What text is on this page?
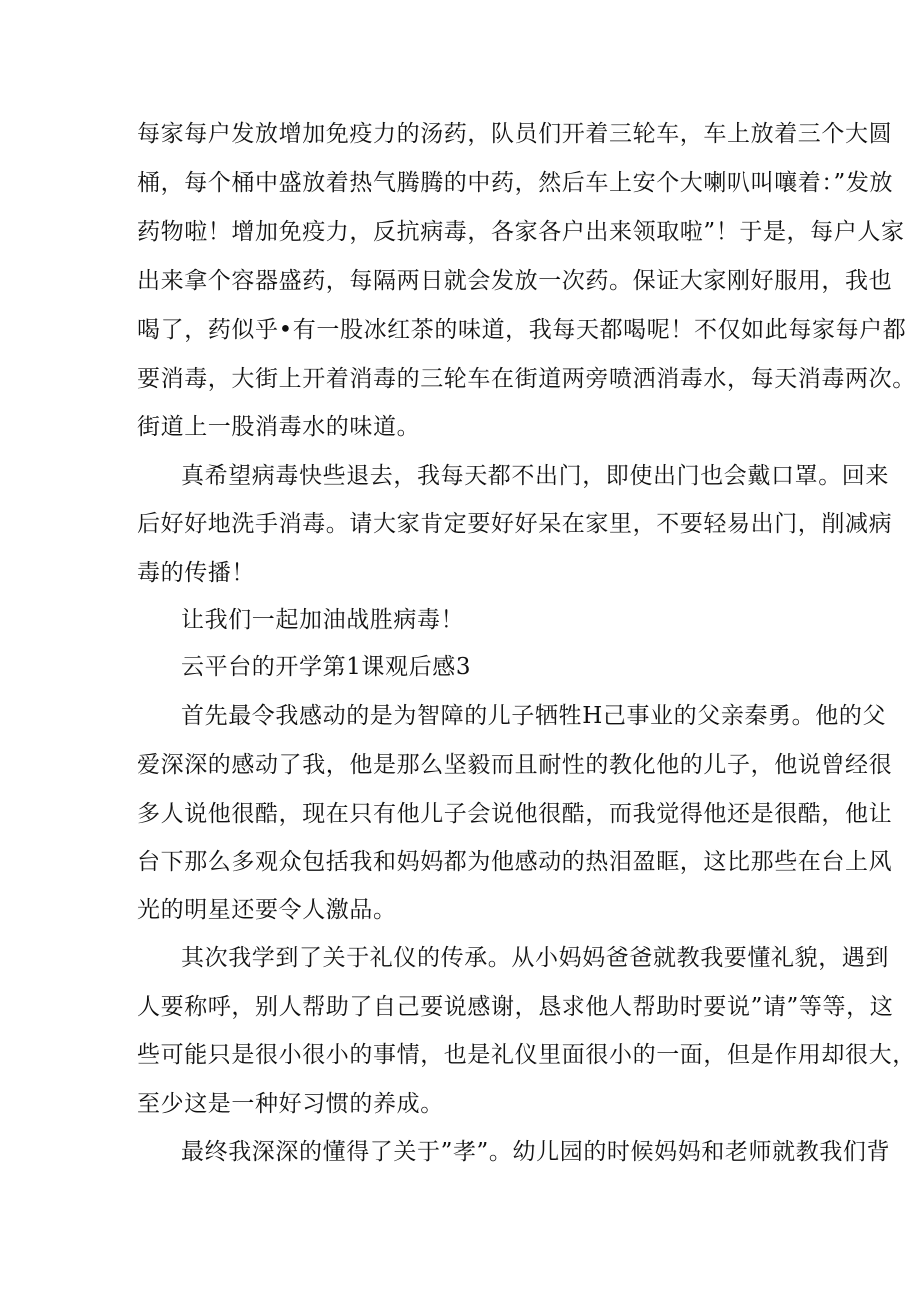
每家每户发放增加免疫力的汤药，队员们开着三轮车，车上放着三个大圆
桶，每个桶中盛放着热气腾腾的中药，然后车上安个大喇叭叫嚷着：”发放
药物啦！增加免疫力，反抗病毒，各家各户出来领取啦”！于是，每户人家
出来拿个容器盛药，每隔两日就会发放一次药。保证大家刚好服用，我也
喝了，药似乎•有一股冰红茶的味道，我每天都喝呢！不仅如此每家每户都
要消毒，大街上开着消毒的三轮车在街道两旁喷洒消毒水，每天消毒两次。
街道上一股消毒水的味道。
真希望病毒快些退去，我每天都不出门，即使出门也会戴口罩。回来
后好好地洗手消毒。请大家肯定要好好呆在家里，不要轻易出门，削减病
毒的传播！
让我们一起加油战胜病毒！
云平台的开学第1课观后感3
首先最令我感动的是为智障的儿子牺牲H己事业的父亲秦勇。他的父
爱深深的感动了我，他是那么坚毅而且耐性的教化他的儿子，他说曾经很
多人说他很酷，现在只有他儿子会说他很酷，而我觉得他还是很酷，他让
台下那么多观众包括我和妈妈都为他感动的热泪盈眶，这比那些在台上风
光的明星还要令人激品。
其次我学到了关于礼仪的传承。从小妈妈爸爸就教我要懂礼貌，遇到
人要称呼，别人帮助了自己要说感谢，恳求他人帮助时要说”请”等等，这
些可能只是很小很小的事情，也是礼仪里面很小的一面，但是作用却很大，
至少这是一种好习惯的养成。
最终我深深的懂得了关于”孝”。幼儿园的时候妈妈和老师就教我们背
